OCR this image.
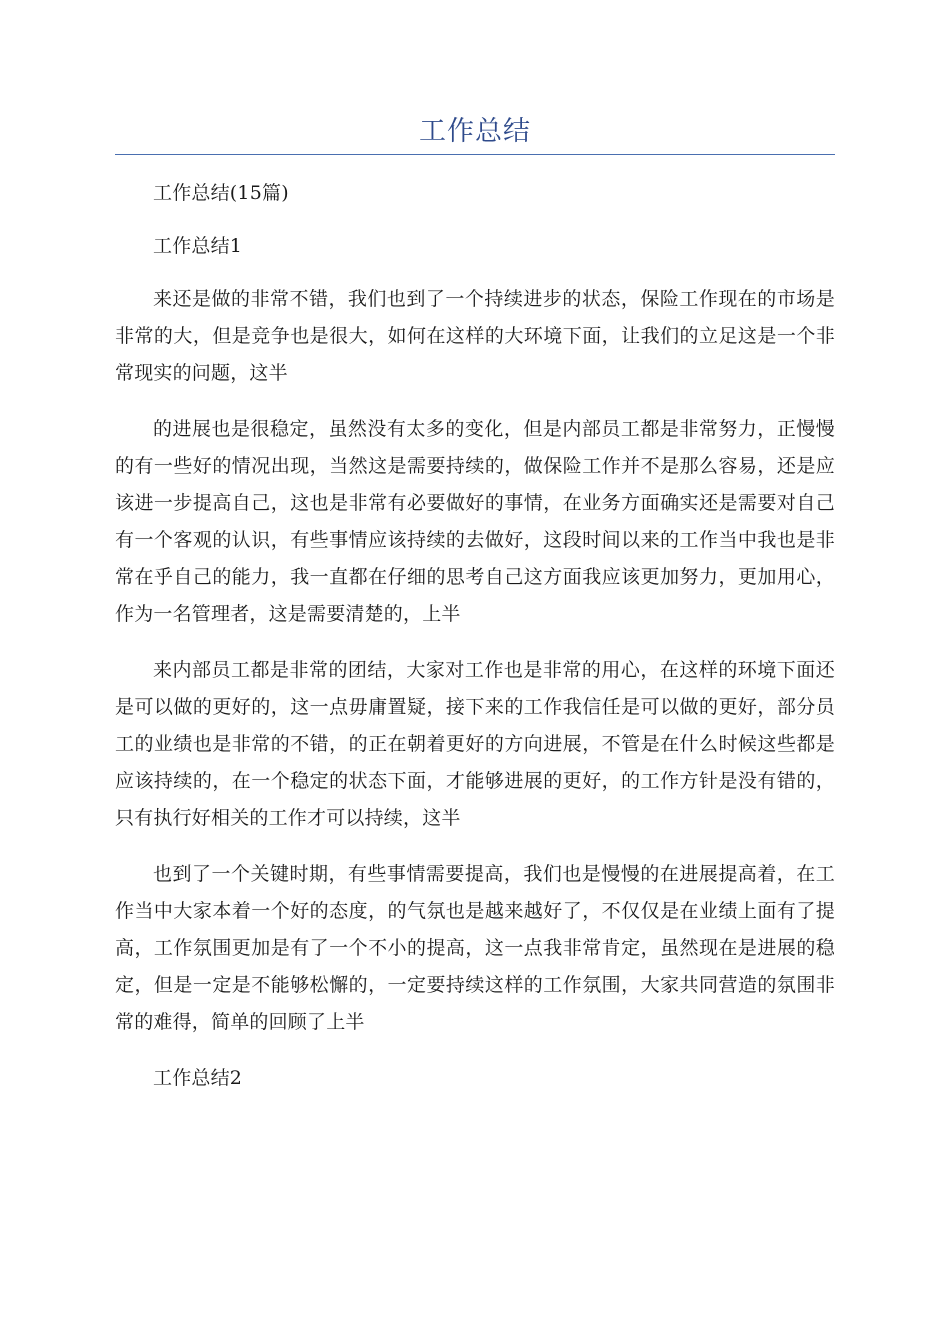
工作总结

工作总结(15篇)

工作总结1

来还是做的非常不错，我们也到了一个持续进步的状态，保险工作现在的市场是非常的大，但是竞争也是很大，如何在这样的大环境下面，让我们的立足这是一个非常现实的问题，这半

的进展也是很稳定，虽然没有太多的变化，但是内部员工都是非常努力，正慢慢的有一些好的情况出现，当然这是需要持续的，做保险工作并不是那么容易，还是应该进一步提高自己，这也是非常有必要做好的事情，在业务方面确实还是需要对自己有一个客观的认识，有些事情应该持续的去做好，这段时间以来的工作当中我也是非常在乎自己的能力，我一直都在仔细的思考自己这方面我应该更加努力，更加用心，作为一名管理者，这是需要清楚的，上半

来内部员工都是非常的团结，大家对工作也是非常的用心，在这样的环境下面还是可以做的更好的，这一点毋庸置疑，接下来的工作我信任是可以做的更好，部分员工的业绩也是非常的不错，的正在朝着更好的方向进展，不管是在什么时候这些都是应该持续的，在一个稳定的状态下面，才能够进展的更好，的工作方针是没有错的，只有执行好相关的工作才可以持续，这半

也到了一个关键时期，有些事情需要提高，我们也是慢慢的在进展提高着，在工作当中大家本着一个好的态度，的气氛也是越来越好了，不仅仅是在业绩上面有了提高，工作氛围更加是有了一个不小的提高，这一点我非常肯定，虽然现在是进展的稳定，但是一定是不能够松懈的，一定要持续这样的工作氛围，大家共同营造的氛围非常的难得，简单的回顾了上半

工作总结2
